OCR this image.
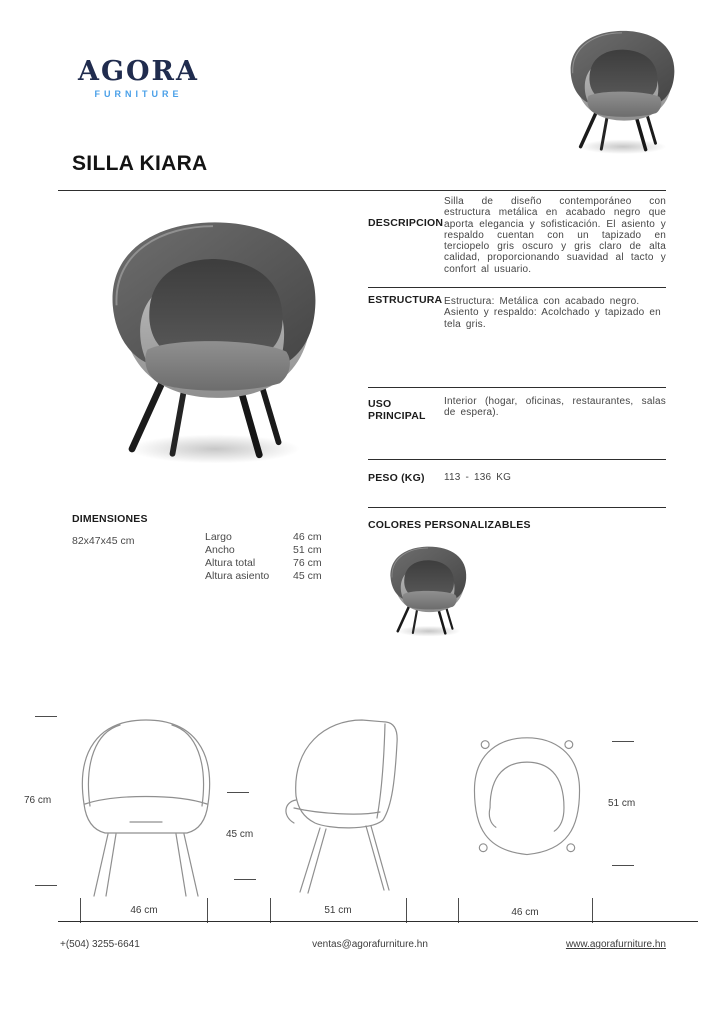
AGORA
FURNITURE
SILLA KIARA
DESCRIPCION
Silla de diseño contemporáneo con estructura metálica en acabado negro que aporta elegancia y sofisticación. El asiento y respaldo cuentan con un tapizado en terciopelo gris oscuro y gris claro de alta calidad, proporcionando suavidad al tacto y confort al usuario.
ESTRUCTURA Estructura: Metálica con acabado negro. Asiento y respaldo: Acolchado y tapizado en tela gris.
USO PRINCIPAL
Interior (hogar, oficinas, restaurantes, salas de espera).
PESO (KG)	113 - 136 KG
DIMENSIONES
82x47x45 cm	Largo	46 cm
Ancho	51 cm
Altura total	76 cm
Altura asiento	45 cm
COLORES PERSONALIZABLES
76 cm
46 cm
45 cm
51 cm	46 cm
51 cm
+(504) 3255-6641	ventas@agorafurniture.hn	www.agorafurniture.hn
